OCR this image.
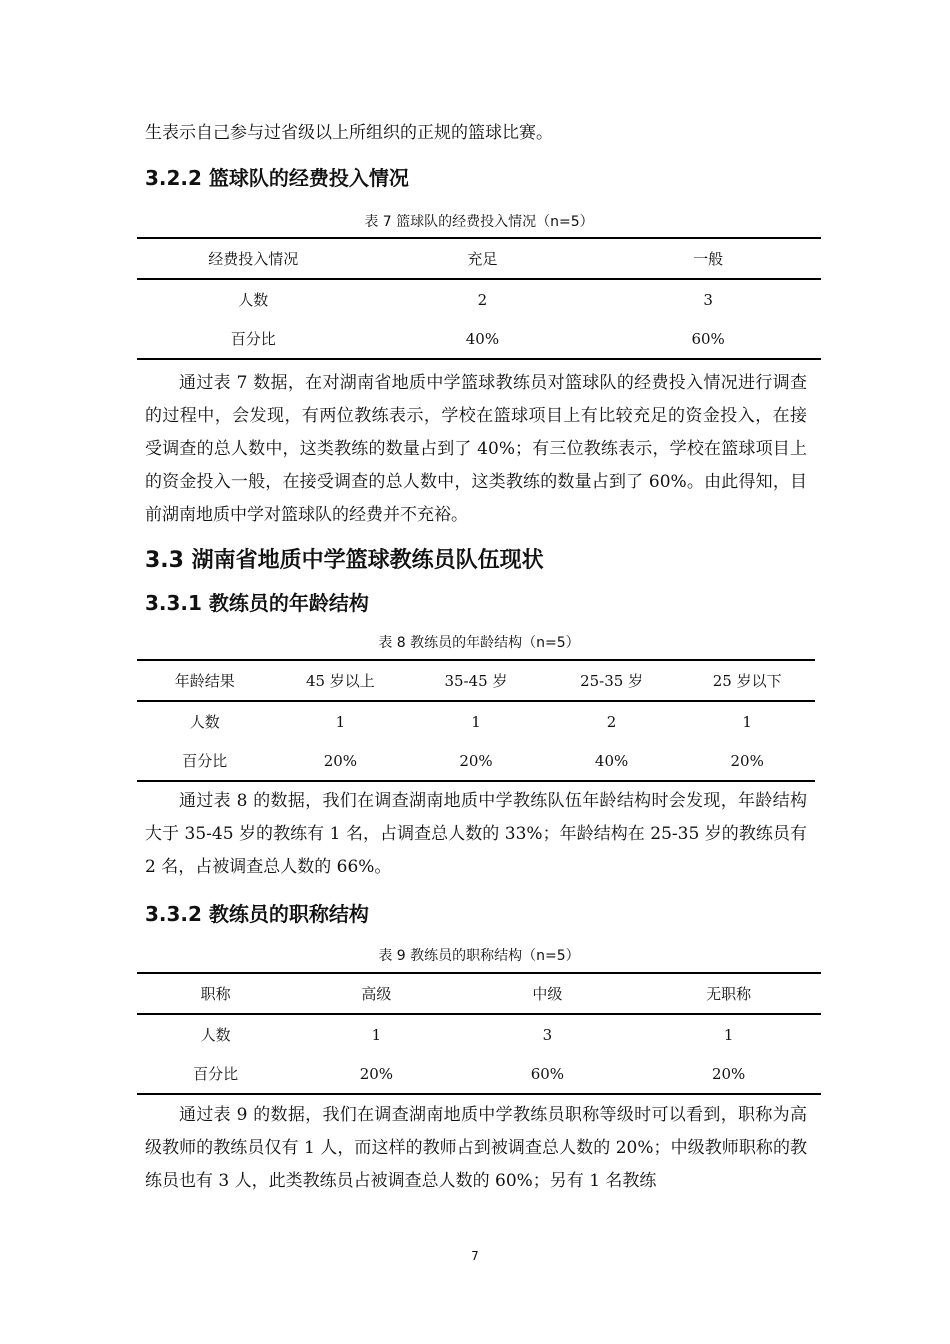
生表示自己参与过省级以上所组织的正规的篮球比赛。

3.2.2 篮球队的经费投入情况

表 7 篮球队的经费投入情况（n=5）

经费投入情况	充足	一般
人数	2	3
百分比	40%	60%

通过表 7 数据，在对湖南省地质中学篮球教练员对篮球队的经费投入情况进行调查的过程中，会发现，有两位教练表示，学校在篮球项目上有比较充足的资金投入，在接受调查的总人数中，这类教练的数量占到了 40%；有三位教练表示，学校在篮球项目上的资金投入一般，在接受调查的总人数中，这类教练的数量占到了 60%。由此得知，目前湖南地质中学对篮球队的经费并不充裕。

3.3 湖南省地质中学篮球教练员队伍现状
3.3.1 教练员的年龄结构

表 8 教练员的年龄结构（n=5）

年龄结果	45 岁以上	35-45 岁	25-35 岁	25 岁以下
人数	1	1	2	1
百分比	20%	20%	40%	20%

通过表 8 的数据，我们在调查湖南地质中学教练队伍年龄结构时会发现，年龄结构大于 35-45 岁的教练有 1 名，占调查总人数的 33%；年龄结构在 25-35 岁的教练员有 2 名，占被调查总人数的 66%。

3.3.2 教练员的职称结构

表 9 教练员的职称结构（n=5）

职称	高级	中级	无职称
人数	1	3	1
百分比	20%	60%	20%

通过表 9 的数据，我们在调查湖南地质中学教练员职称等级时可以看到，职称为高级教师的教练员仅有 1 人，而这样的教师占到被调查总人数的 20%；中级教师职称的教练员也有 3 人，此类教练员占被调查总人数的 60%；另有 1 名教练

7
